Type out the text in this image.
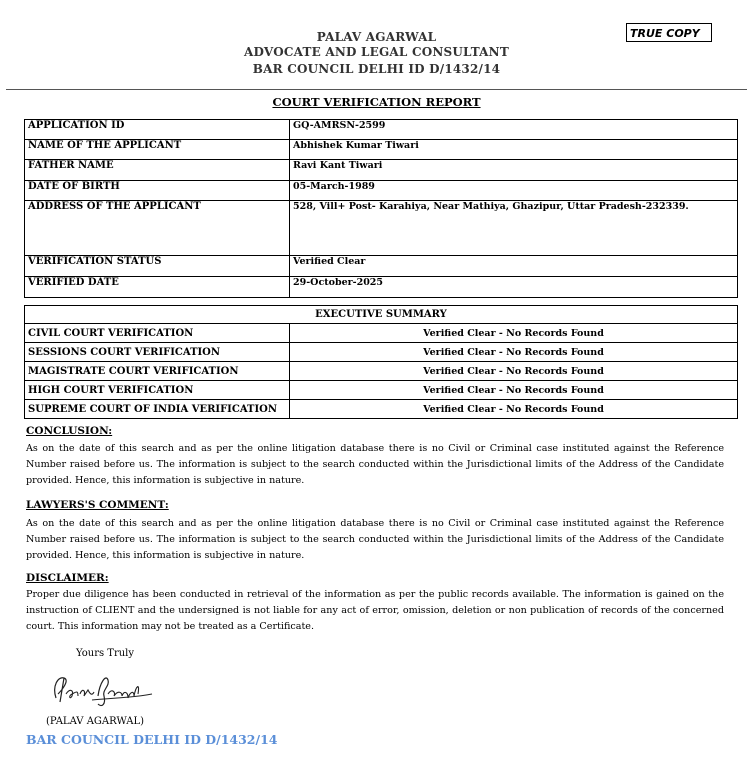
PALAV AGARWAL
ADVOCATE AND LEGAL CONSULTANT
BAR COUNCIL DELHI ID D/1432/14
TRUE COPY
COURT VERIFICATION REPORT
APPLICATION ID	GQ-AMRSN-2599
NAME OF THE APPLICANT	Abhishek Kumar Tiwari
FATHER NAME	Ravi Kant Tiwari
DATE OF BIRTH	05-March-1989
ADDRESS OF THE APPLICANT	528, Vill+ Post- Karahiya, Near Mathiya, Ghazipur, Uttar Pradesh-232339.
VERIFICATION STATUS	Verified Clear
VERIFIED DATE	29-October-2025
EXECUTIVE SUMMARY	
CIVIL COURT VERIFICATION	Verified Clear - No Records Found
SESSIONS COURT VERIFICATION	Verified Clear - No Records Found
MAGISTRATE COURT VERIFICATION	Verified Clear - No Records Found
HIGH COURT VERIFICATION	Verified Clear - No Records Found
SUPREME COURT OF INDIA VERIFICATION	Verified Clear - No Records Found
CONCLUSION:
As on the date of this search and as per the online litigation database there is no Civil or Criminal case instituted against the Reference Number raised before us. The information is subject to the search conducted within the Jurisdictional limits of the Address of the Candidate provided. Hence, this information is subjective in nature.
LAWYERS'S COMMENT:
As on the date of this search and as per the online litigation database there is no Civil or Criminal case instituted against the Reference Number raised before us. The information is subject to the search conducted within the Jurisdictional limits of the Address of the Candidate provided. Hence, this information is subjective in nature.
DISCLAIMER:
Proper due diligence has been conducted in retrieval of the information as per the public records available. The information is gained on the instruction of CLIENT and the undersigned is not liable for any act of error, omission, deletion or non publication of records of the concerned court. This information may not be treated as a Certificate.
Yours Truly
(PALAV AGARWAL)
BAR COUNCIL DELHI ID D/1432/14
